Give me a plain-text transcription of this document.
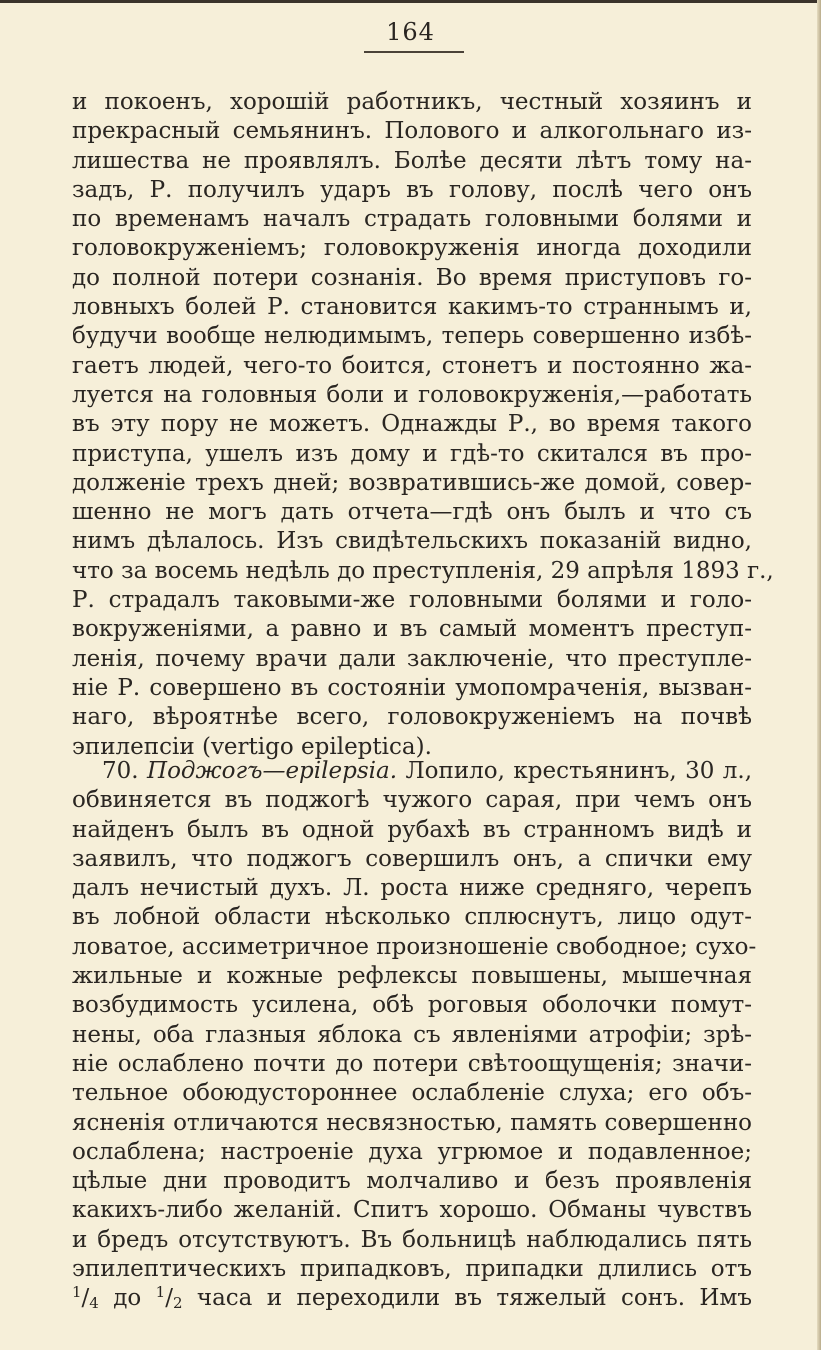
164
и покоенъ, хорошій работникъ, честный хозяинъ и
прекрасный семьянинъ. Полового и алкогольнаго из-
лишества не проявлялъ. Болѣе десяти лѣтъ тому на-
задъ, Р. получилъ ударъ въ голову, послѣ чего онъ
по временамъ началъ страдать головными болями и
головокруженіемъ; головокруженія иногда доходили
до полной потери сознанія. Во время приступовъ го-
ловныхъ болей Р. становится какимъ-то страннымъ и,
будучи вообще нелюдимымъ, теперь совершенно избѣ-
гаетъ людей, чего-то боится, стонетъ и постоянно жа-
луется на головныя боли и головокруженія,—работать
въ эту пору не можетъ. Однажды Р., во время такого
приступа, ушелъ изъ дому и гдѣ-то скитался въ про-
долженіе трехъ дней; возвратившись-же домой, совер-
шенно не могъ дать отчета—гдѣ онъ былъ и что съ
нимъ дѣлалось. Изъ свидѣтельскихъ показаній видно,
что за восемь недѣль до преступленія, 29 апрѣля 1893 г.,
Р. страдалъ таковыми-же головными болями и голо-
вокруженіями, а равно и въ самый моментъ преступ-
ленія, почему врачи дали заключеніе, что преступле-
ніе Р. совершено въ состояніи умопомраченія, вызван-
наго, вѣроятнѣе всего, головокруженіемъ на почвѣ
эпилепсіи (vertigo epileptica).
70. Поджогъ—epilepsia. Лопило, крестьянинъ, 30 л.,
обвиняется въ поджогѣ чужого сарая, при чемъ онъ
найденъ былъ въ одной рубахѣ въ странномъ видѣ и
заявилъ, что поджогъ совершилъ онъ, а спички ему
далъ нечистый духъ. Л. роста ниже средняго, черепъ
въ лобной области нѣсколько сплюснутъ, лицо одут-
ловатое, ассиметричное произношеніе свободное; сухо-
жильные и кожные рефлексы повышены, мышечная
возбудимость усилена, обѣ роговыя оболочки помут-
нены, оба глазныя яблока съ явленіями атрофіи; зрѣ-
ніе ослаблено почти до потери свѣтоощущенія; значи-
тельное обоюдустороннее ослабленіе слуха; его объ-
ясненія отличаются несвязностью, память совершенно
ослаблена; настроеніе духа угрюмое и подавленное;
цѣлые дни проводитъ молчаливо и безъ проявленія
какихъ-либо желаній. Спитъ хорошо. Обманы чувствъ
и бредъ отсутствуютъ. Въ больницѣ наблюдались пять
эпилептическихъ припадковъ, припадки длились отъ
$^1/_4$ до $^1/_2$ часа и переходили въ тяжелый сонъ. Имъ
